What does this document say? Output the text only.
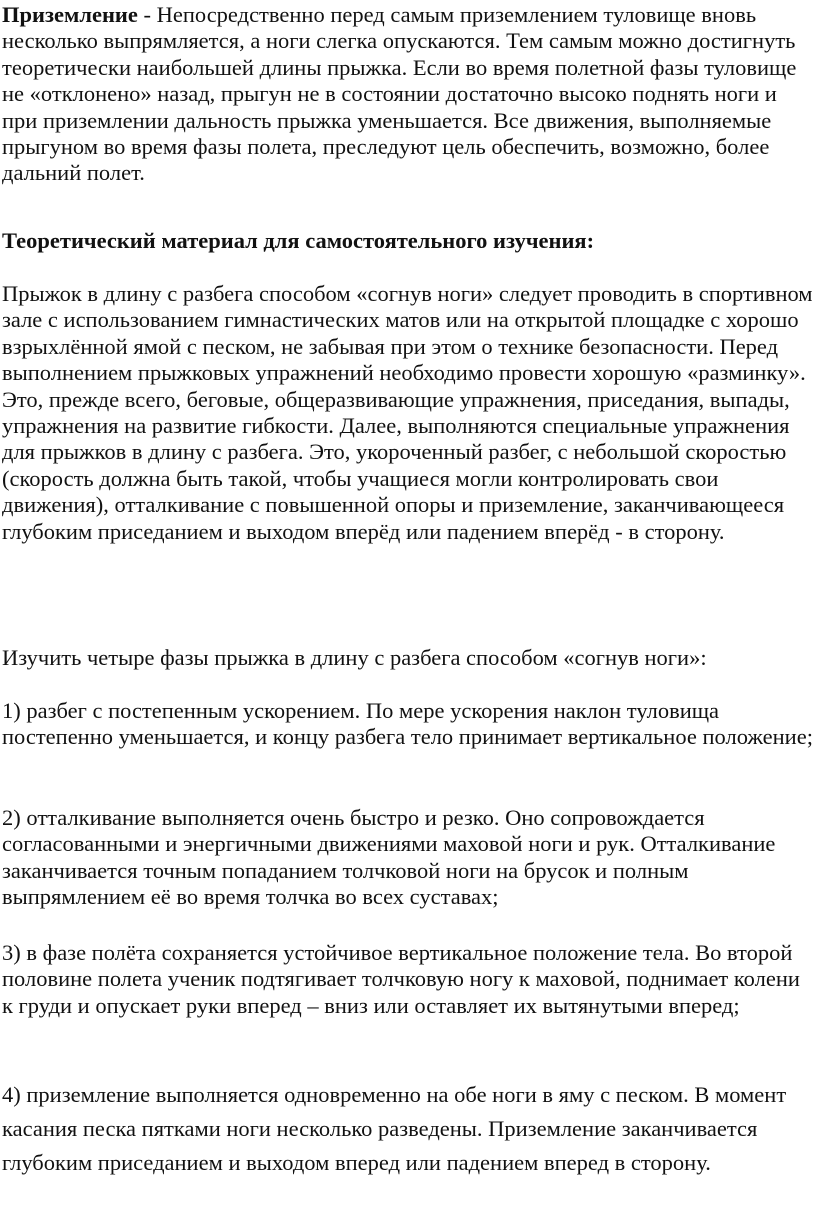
Приземление - Непосредственно перед самым приземлением туловище вновь несколько выпрямляется, а ноги слегка опускаются. Тем самым можно достигнуть теоретически наибольшей длины прыжка. Если во время полетной фазы туловище не «отклонено» назад, прыгун не в состоянии достаточно высоко поднять ноги и при приземлении дальность прыжка уменьшается. Все движения, выполняемые прыгуном во время фазы полета, преследуют цель обеспечить, возможно, более дальний полет.

Теоретический материал для самостоятельного изучения:

Прыжок в длину с разбега способом «согнув ноги» следует проводить в спортивном зале с использованием гимнастических матов или на открытой площадке с хорошо взрыхлённой ямой с песком, не забывая при этом о технике безопасности. Перед выполнением прыжковых упражнений необходимо провести хорошую «разминку». Это, прежде всего, беговые, общеразвивающие упражнения, приседания, выпады, упражнения на развитие гибкости. Далее, выполняются специальные упражнения для прыжков в длину с разбега. Это, укороченный разбег, с небольшой скоростью (скорость должна быть такой, чтобы учащиеся могли контролировать свои движения), отталкивание с повышенной опоры и приземление, заканчивающееся глубоким приседанием и выходом вперёд или падением вперёд - в сторону.

Изучить четыре фазы прыжка в длину с разбега способом «согнув ноги»:

1) разбег с постепенным ускорением. По мере ускорения наклон туловища постепенно уменьшается, и концу разбега тело принимает вертикальное положение;

2) отталкивание выполняется очень быстро и резко. Оно сопровождается согласованными и энергичными движениями маховой ноги и рук. Отталкивание заканчивается точным попаданием толчковой ноги на брусок и полным выпрямлением её во время толчка во всех суставах;

3) в фазе полёта сохраняется устойчивое вертикальное положение тела. Во второй половине полета ученик подтягивает толчковую ногу к маховой, поднимает колени к груди и опускает руки вперед – вниз или оставляет их вытянутыми вперед;

4) приземление выполняется одновременно на обе ноги в яму с песком. В момент касания песка пятками ноги несколько разведены. Приземление заканчивается глубоким приседанием и выходом вперед или падением вперед в сторону.
